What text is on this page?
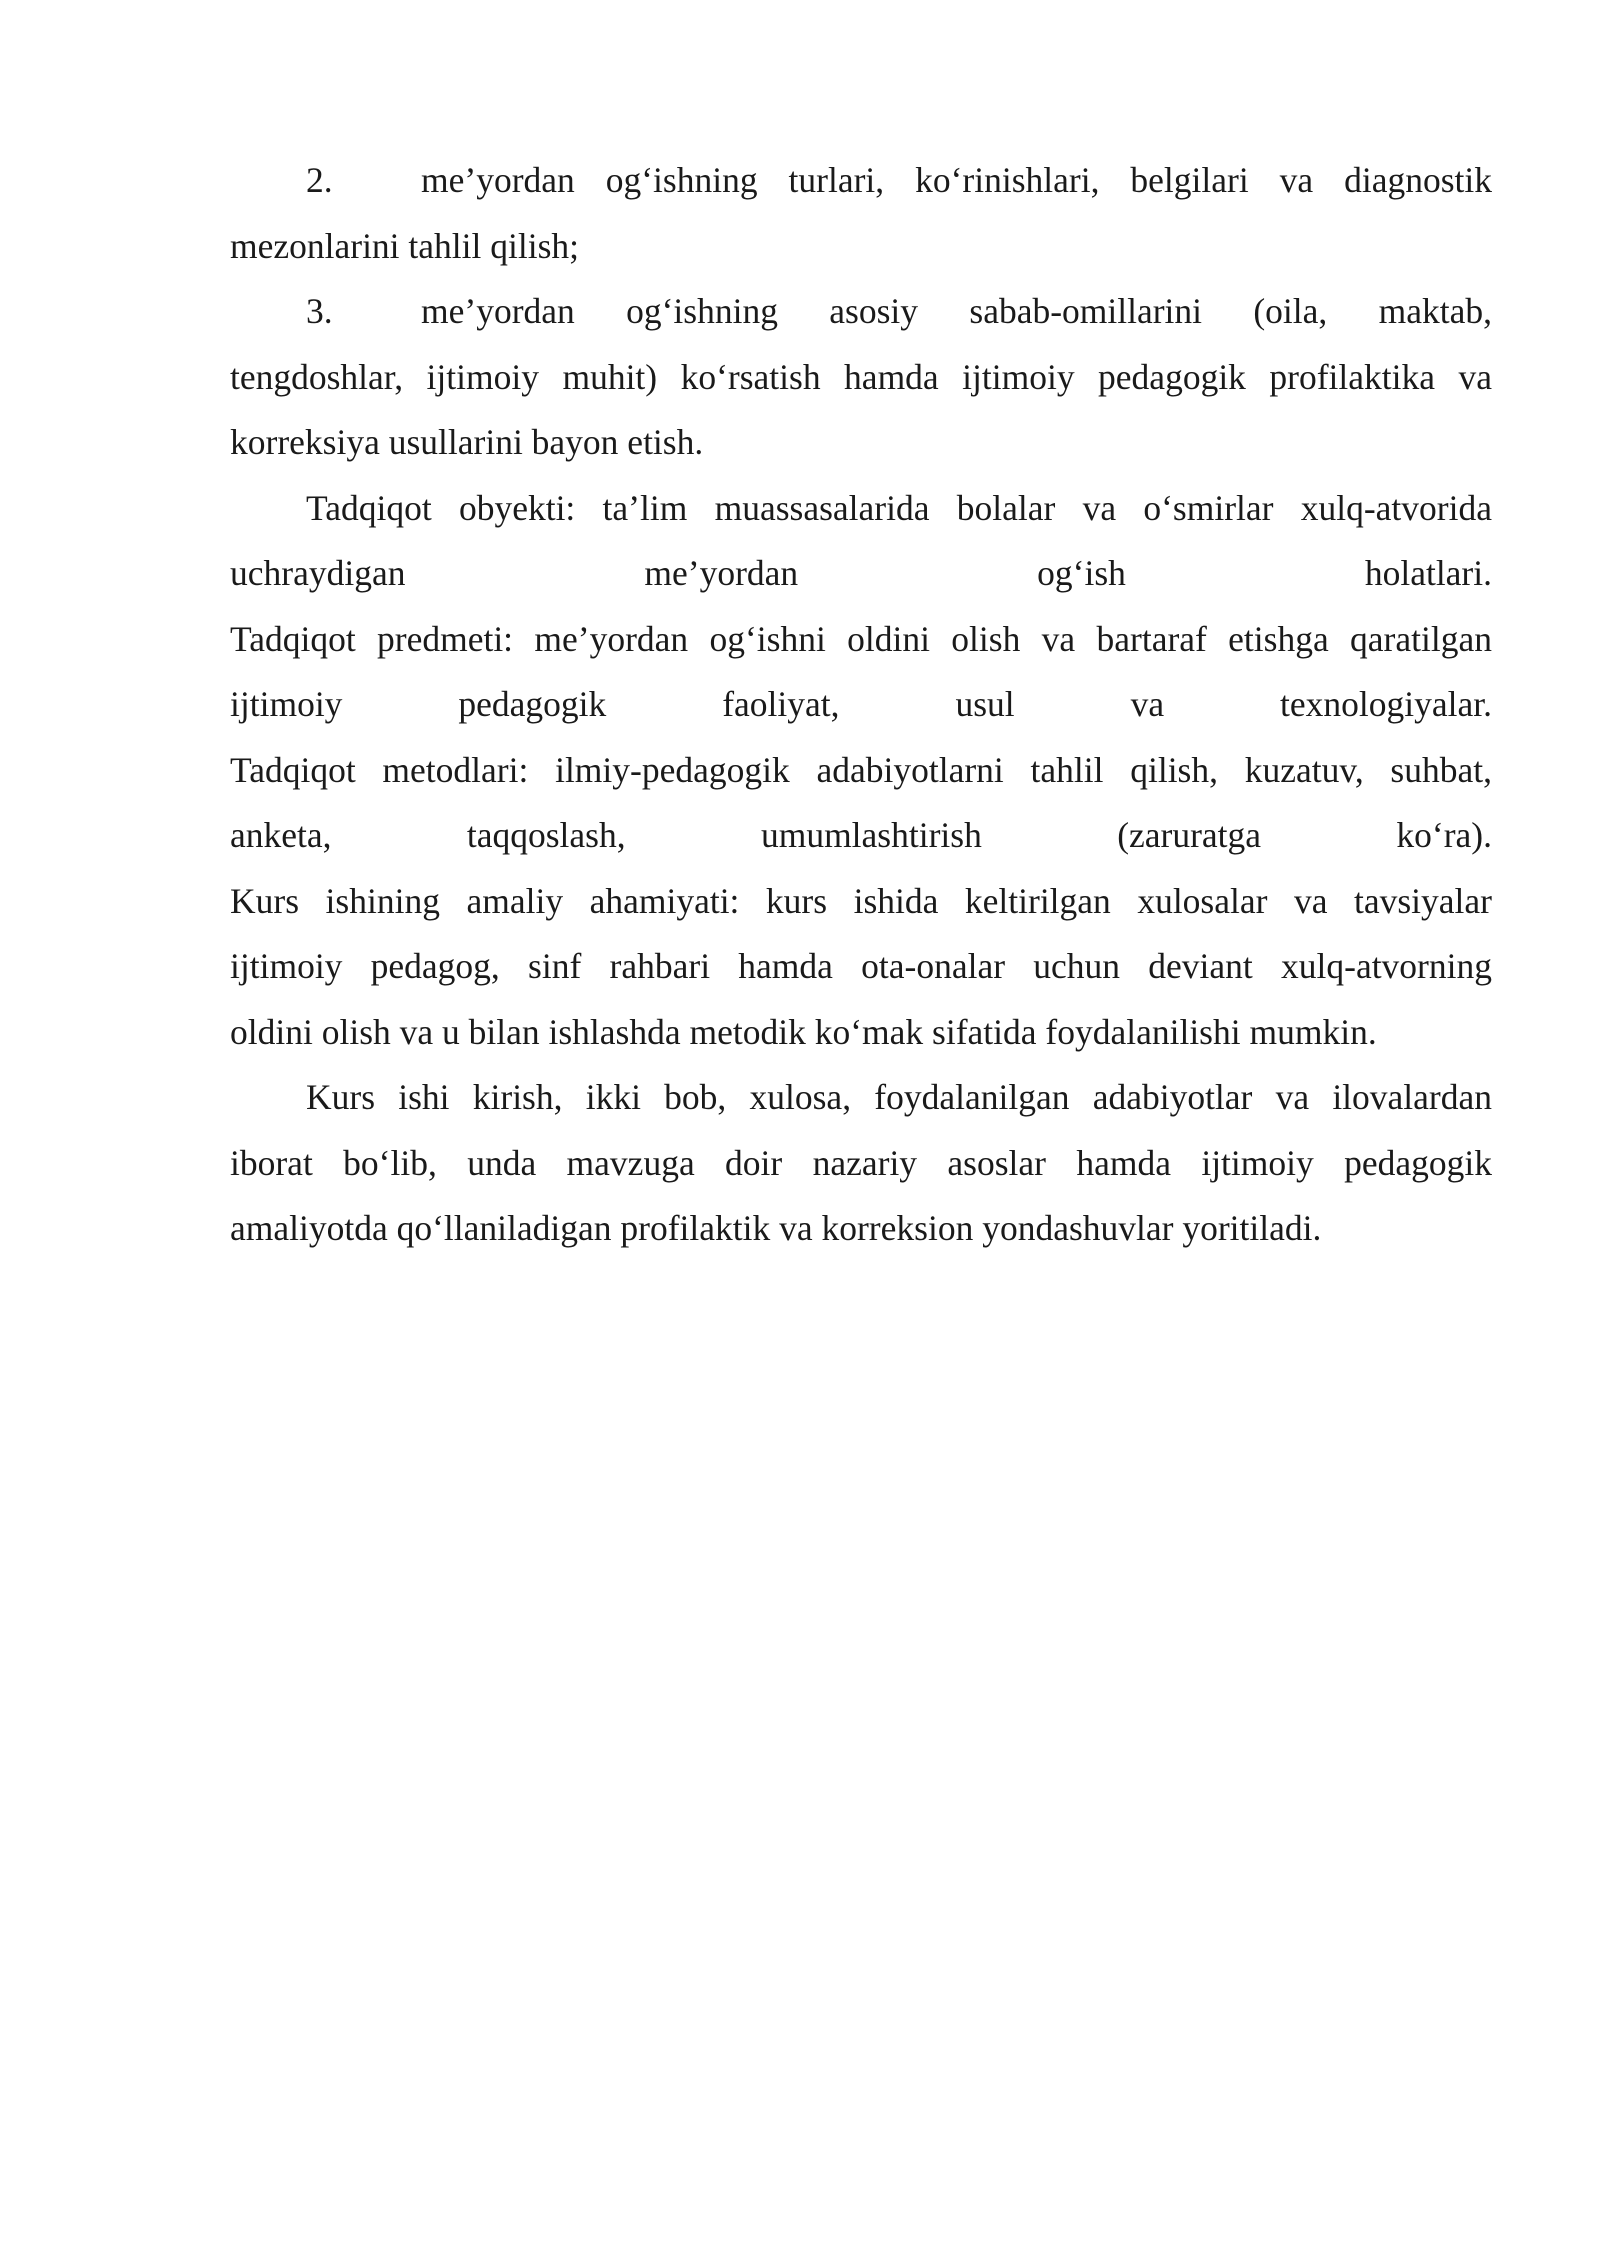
2. me’yordan og‘ishning turlari, ko‘rinishlari, belgilari va diagnostik
mezonlarini tahlil qilish;
3. me’yordan og‘ishning asosiy sabab-omillarini (oila, maktab,
tengdoshlar, ijtimoiy muhit) ko‘rsatish hamda ijtimoiy pedagogik profilaktika va
korreksiya usullarini bayon etish.
Tadqiqot obyekti: ta’lim muassasalarida bolalar va o‘smirlar xulq-atvorida
uchraydigan me’yordan og‘ish holatlari.
Tadqiqot predmeti: me’yordan og‘ishni oldini olish va bartaraf etishga qaratilgan
ijtimoiy pedagogik faoliyat, usul va texnologiyalar.
Tadqiqot metodlari: ilmiy-pedagogik adabiyotlarni tahlil qilish, kuzatuv, suhbat,
anketa, taqqoslash, umumlashtirish (zaruratga ko‘ra).
Kurs ishining amaliy ahamiyati: kurs ishida keltirilgan xulosalar va tavsiyalar
ijtimoiy pedagog, sinf rahbari hamda ota-onalar uchun deviant xulq-atvorning
oldini olish va u bilan ishlashda metodik ko‘mak sifatida foydalanilishi mumkin.
Kurs ishi kirish, ikki bob, xulosa, foydalanilgan adabiyotlar va ilovalardan
iborat bo‘lib, unda mavzuga doir nazariy asoslar hamda ijtimoiy pedagogik
amaliyotda qo‘llaniladigan profilaktik va korreksion yondashuvlar yoritiladi.
